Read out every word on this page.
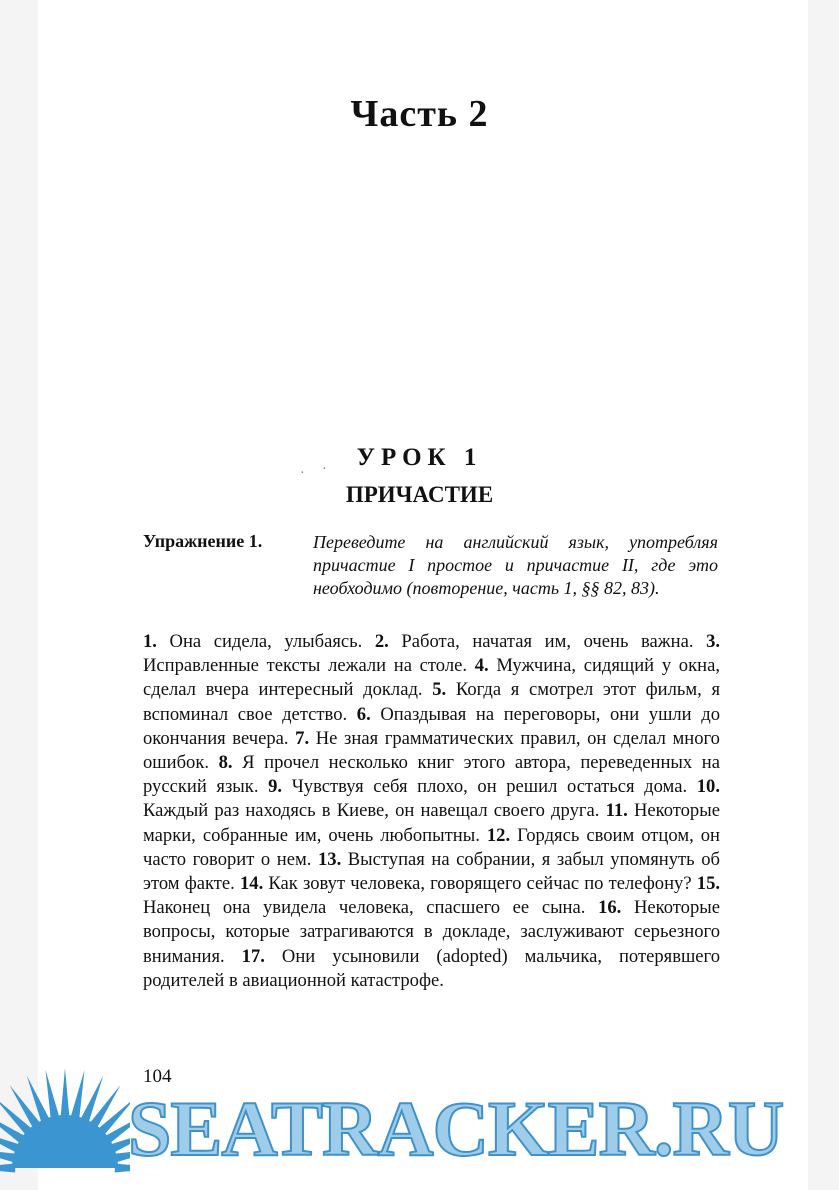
Часть 2
· ·	УРОК 1
ПРИЧАСТИЕ
Упражнение 1.	Переведите на английский язык, употребляя причастие I простое и причастие II, где это необходимо (повторение, часть 1, §§ 82, 83).

1. Она сидела, улыбаясь. 2. Работа, начатая им, очень важна. 3. Исправленные тексты лежали на столе. 4. Мужчина, сидящий у окна, сделал вчера интересный доклад. 5. Когда я смотрел этот фильм, я вспоминал свое детство. 6. Опаздывая на переговоры, они ушли до окончания вечера. 7. Не зная грамматических правил, он сделал много ошибок. 8. Я прочел несколько книг этого автора, переведенных на русский язык. 9. Чувствуя себя плохо, он решил остаться дома. 10. Каждый раз находясь в Киеве, он навещал своего друга. 11. Некоторые марки, собранные им, очень любопытны. 12. Гордясь своим отцом, он часто говорит о нем. 13. Выступая на собрании, я забыл упомянуть об этом факте. 14. Как зовут человека, говорящего сейчас по телефону? 15. Наконец она увидела человека, спасшего ее сына. 16. Некоторые вопросы, которые затрагиваются в докладе, заслуживают серьезного внимания. 17. Они усыновили (adopted) мальчика, потерявшего родителей в авиационной катастрофе.

104
SEATRACKER.RU
